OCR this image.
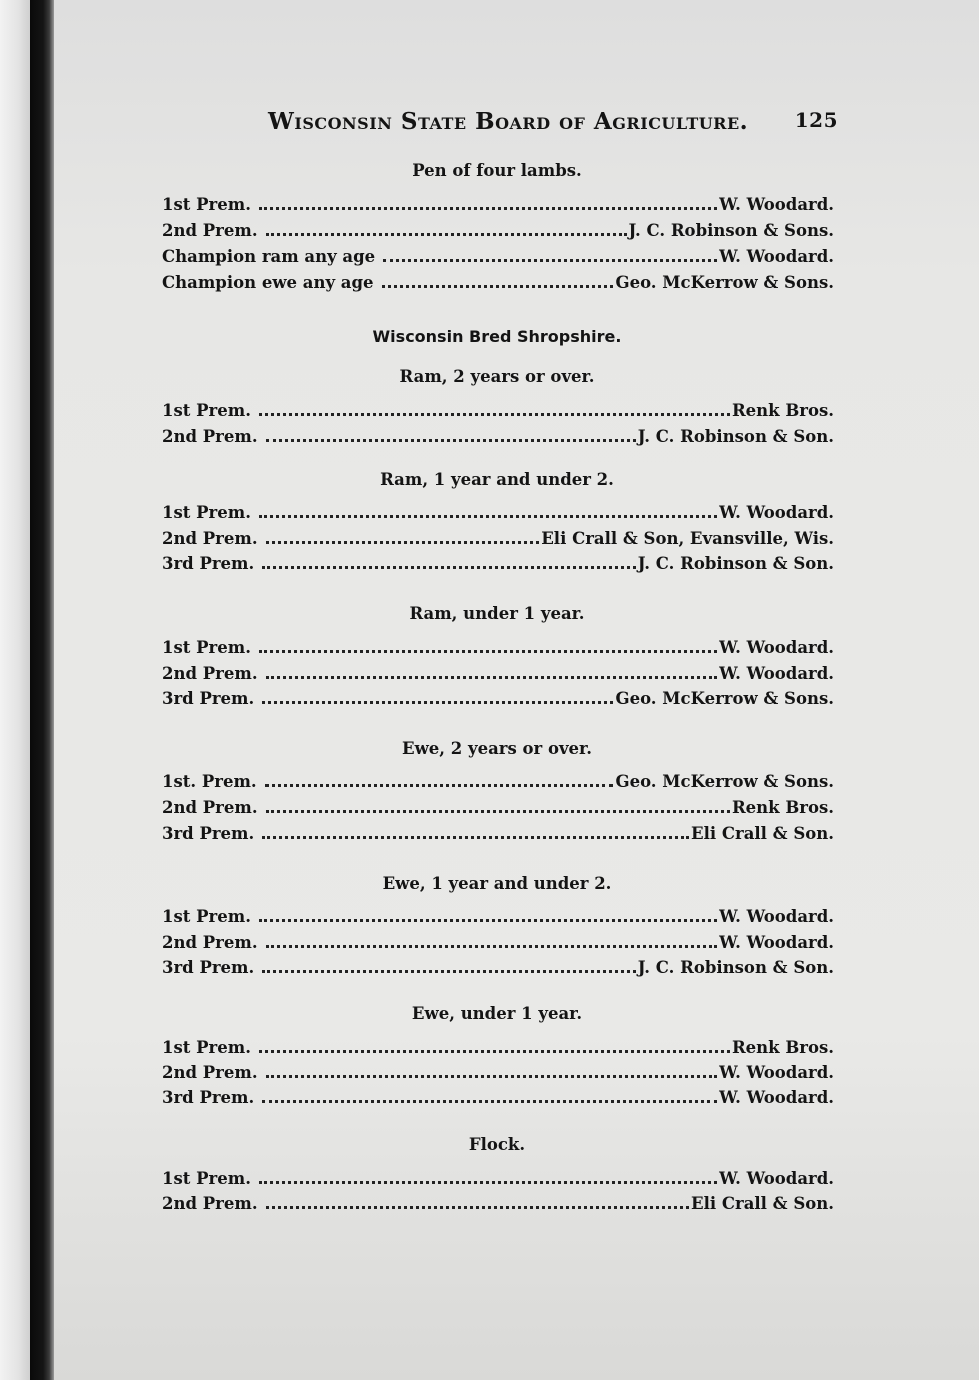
Wisconsin State Board of Agriculture. 125
Pen of four lambs.
1st Prem.	W. Woodard.
2nd Prem.	J. C. Robinson & Sons.
Champion ram any age	W. Woodard.
Champion ewe any age	Geo. McKerrow & Sons.
Wisconsin Bred Shropshire.
Ram, 2 years or over.
1st Prem.	Renk Bros.
2nd Prem.	J. C. Robinson & Son.
Ram, 1 year and under 2.
1st Prem.	W. Woodard.
2nd Prem.	Eli Crall & Son, Evansville, Wis.
3rd Prem.	J. C. Robinson & Son.
Ram, under 1 year.
1st Prem.	W. Woodard.
2nd Prem.	W. Woodard.
3rd Prem.	Geo. McKerrow & Sons.
Ewe, 2 years or over.
1st. Prem.	Geo. McKerrow & Sons.
2nd Prem.	Renk Bros.
3rd Prem.	Eli Crall & Son.
Ewe, 1 year and under 2.
1st Prem.	W. Woodard.
2nd Prem.	W. Woodard.
3rd Prem.	J. C. Robinson & Son.
Ewe, under 1 year.
1st Prem.	Renk Bros.
2nd Prem.	W. Woodard.
3rd Prem.	W. Woodard.
Flock.
1st Prem.	W. Woodard.
2nd Prem.	Eli Crall & Son.
